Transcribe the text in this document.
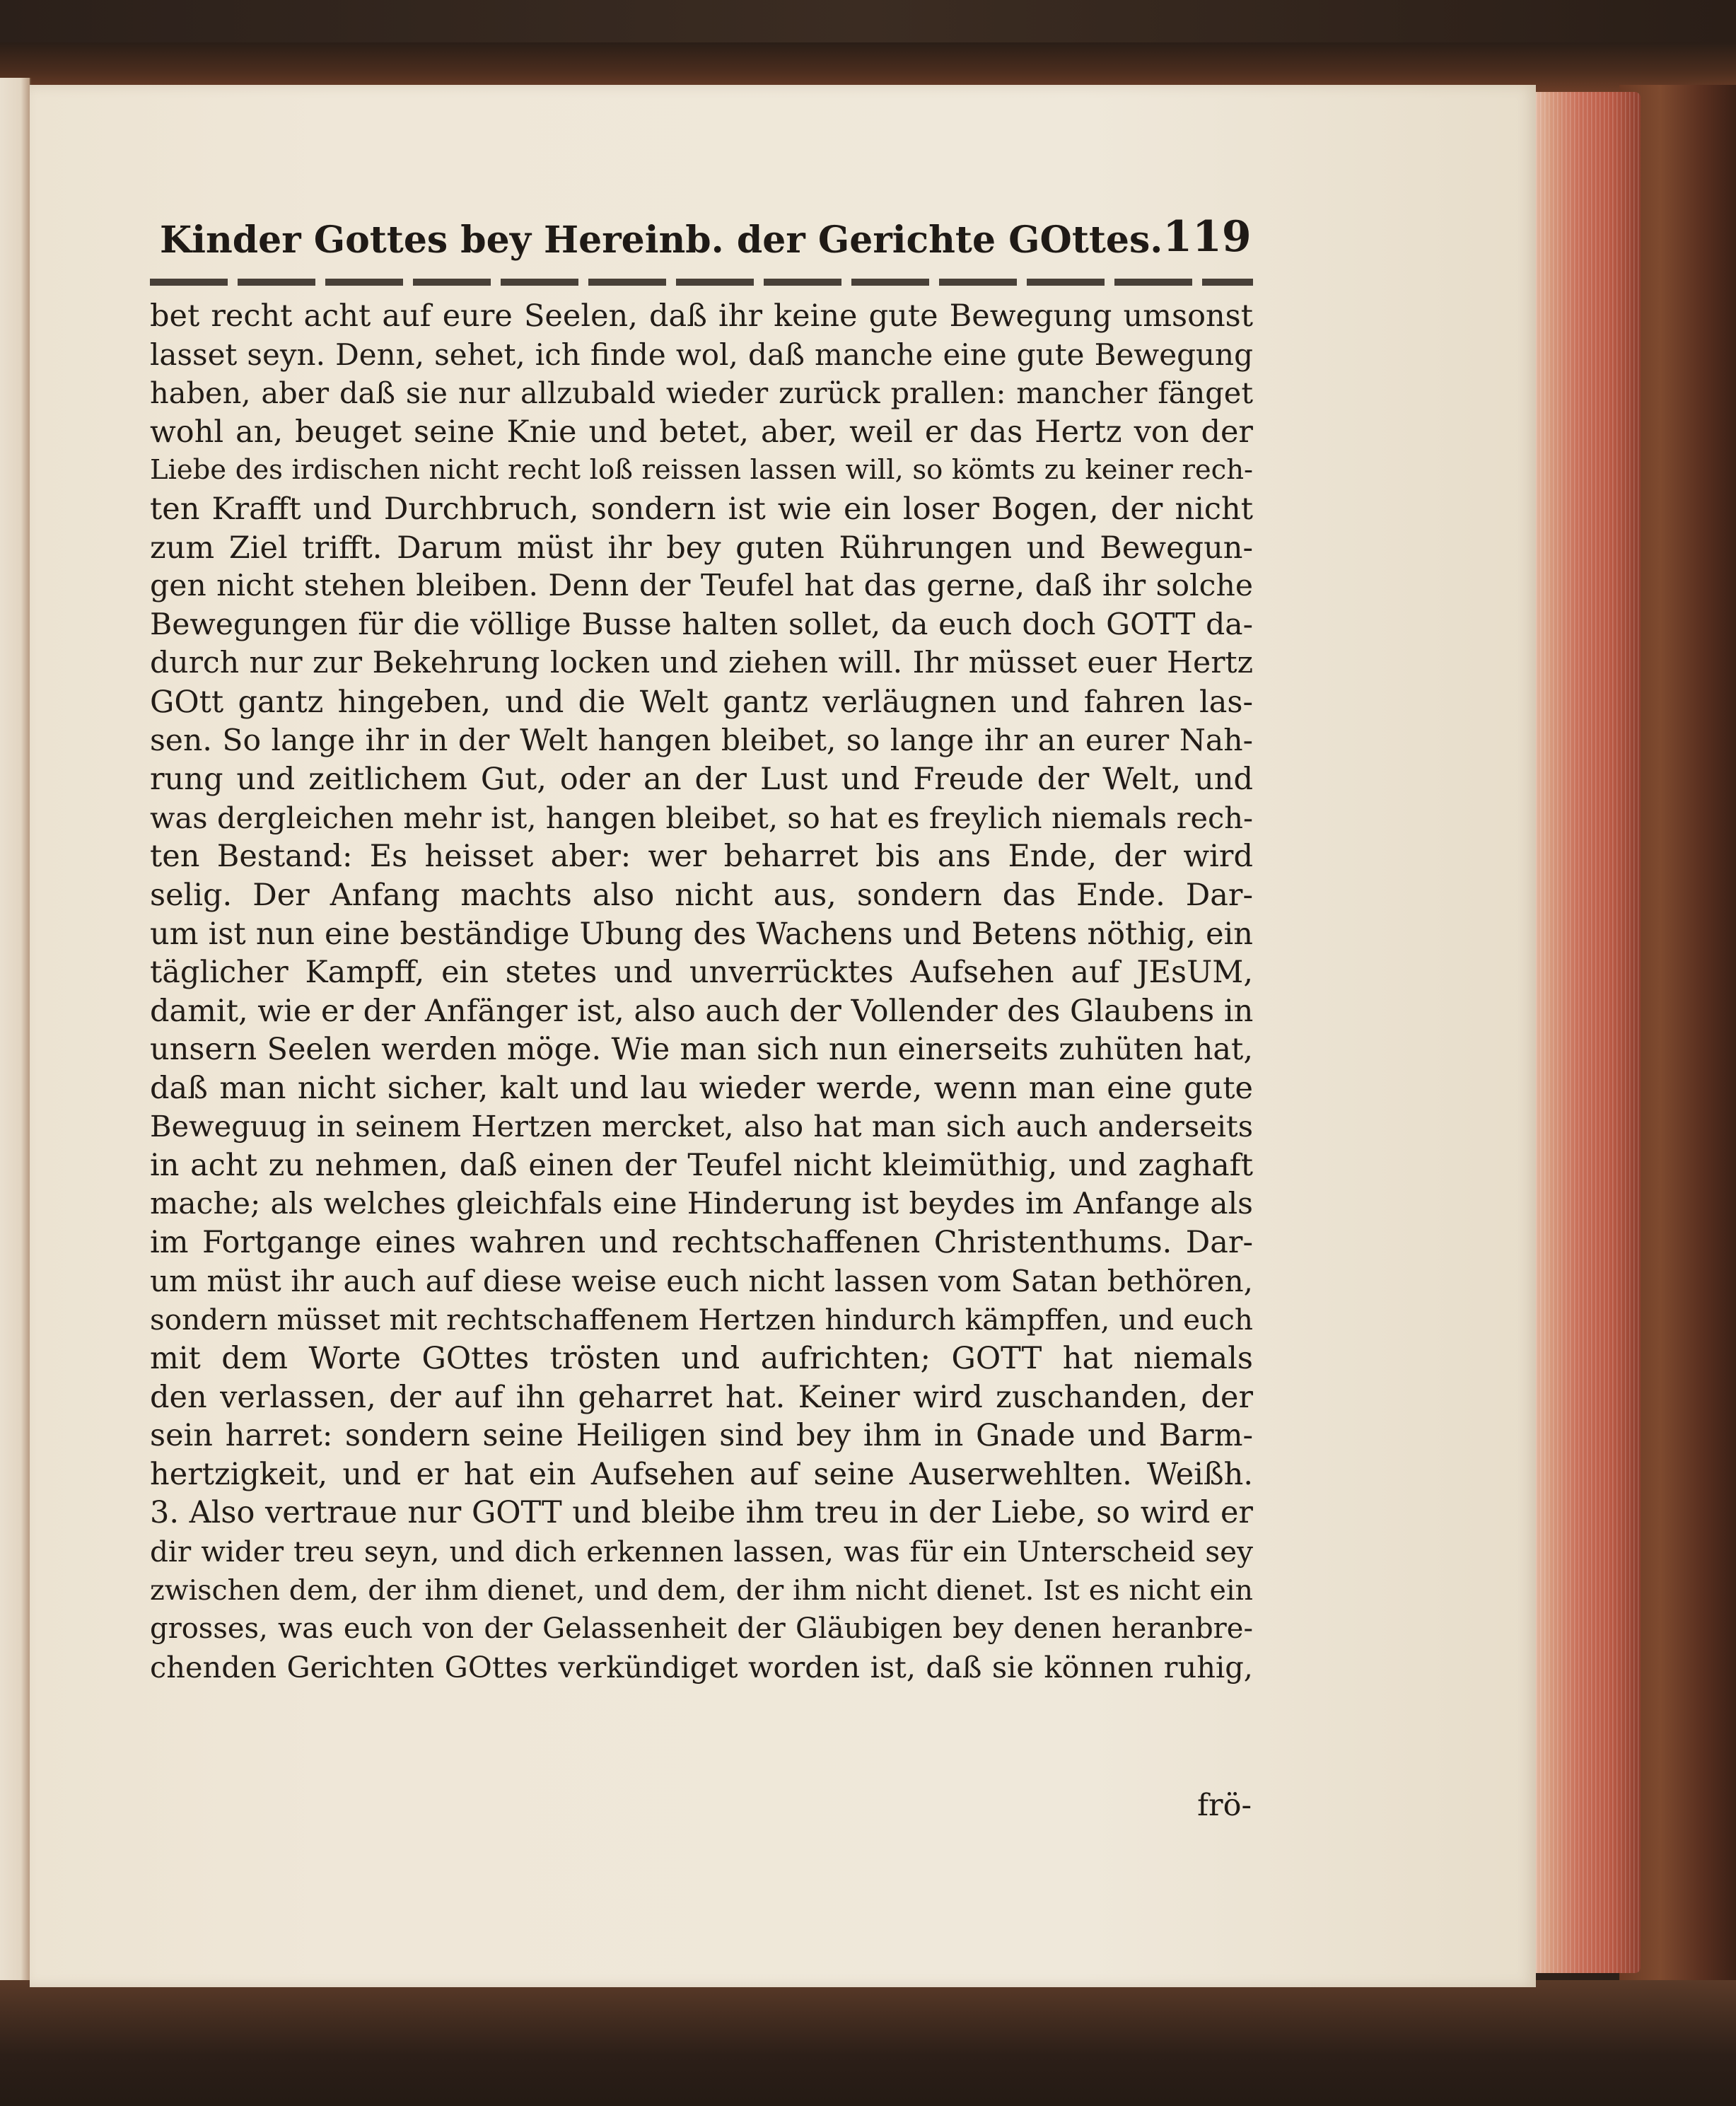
Kinder Gottes bey Hereinb. der Gerichte GOttes. 119
bet recht acht auf eure Seelen, daß ihr keine gute Bewegung umsonst
lasset seyn. Denn, sehet, ich finde wol, daß manche eine gute Bewegung
haben, aber daß sie nur allzubald wieder zurück prallen: mancher fänget
wohl an, beuget seine Knie und betet, aber, weil er das Hertz von der
Liebe des irdischen nicht recht loß reissen lassen will, so kömts zu keiner rech-
ten Krafft und Durchbruch, sondern ist wie ein loser Bogen, der nicht
zum Ziel trifft. Darum müst ihr bey guten Rührungen und Bewegun-
gen nicht stehen bleiben. Denn der Teufel hat das gerne, daß ihr solche
Bewegungen für die völlige Busse halten sollet, da euch doch GOTT da-
durch nur zur Bekehrung locken und ziehen will. Ihr müsset euer Hertz
GOtt gantz hingeben, und die Welt gantz verläugnen und fahren las-
sen. So lange ihr in der Welt hangen bleibet, so lange ihr an eurer Nah-
rung und zeitlichem Gut, oder an der Lust und Freude der Welt, und
was dergleichen mehr ist, hangen bleibet, so hat es freylich niemals rech-
ten Bestand: Es heisset aber: wer beharret bis ans Ende, der wird
selig. Der Anfang machts also nicht aus, sondern das Ende. Dar-
um ist nun eine beständige Ubung des Wachens und Betens nöthig, ein
täglicher Kampff, ein stetes und unverrücktes Aufsehen auf JEsUM,
damit, wie er der Anfänger ist, also auch der Vollender des Glaubens in
unsern Seelen werden möge. Wie man sich nun einerseits zuhüten hat,
daß man nicht sicher, kalt und lau wieder werde, wenn man eine gute
Beweguug in seinem Hertzen mercket, also hat man sich auch anderseits
in acht zu nehmen, daß einen der Teufel nicht kleimüthig, und zaghaft
mache; als welches gleichfals eine Hinderung ist beydes im Anfange als
im Fortgange eines wahren und rechtschaffenen Christenthums. Dar-
um müst ihr auch auf diese weise euch nicht lassen vom Satan bethören,
sondern müsset mit rechtschaffenem Hertzen hindurch kämpffen, und euch
mit dem Worte GOttes trösten und aufrichten; GOTT hat niemals
den verlassen, der auf ihn geharret hat. Keiner wird zuschanden, der
sein harret: sondern seine Heiligen sind bey ihm in Gnade und Barm-
hertzigkeit, und er hat ein Aufsehen auf seine Auserwehlten. Weißh.
3. Also vertraue nur GOTT und bleibe ihm treu in der Liebe, so wird er
dir wider treu seyn, und dich erkennen lassen, was für ein Unterscheid sey
zwischen dem, der ihm dienet, und dem, der ihm nicht dienet. Ist es nicht ein
grosses, was euch von der Gelassenheit der Gläubigen bey denen heranbre-
chenden Gerichten GOttes verkündiget worden ist, daß sie können ruhig,
frö-
